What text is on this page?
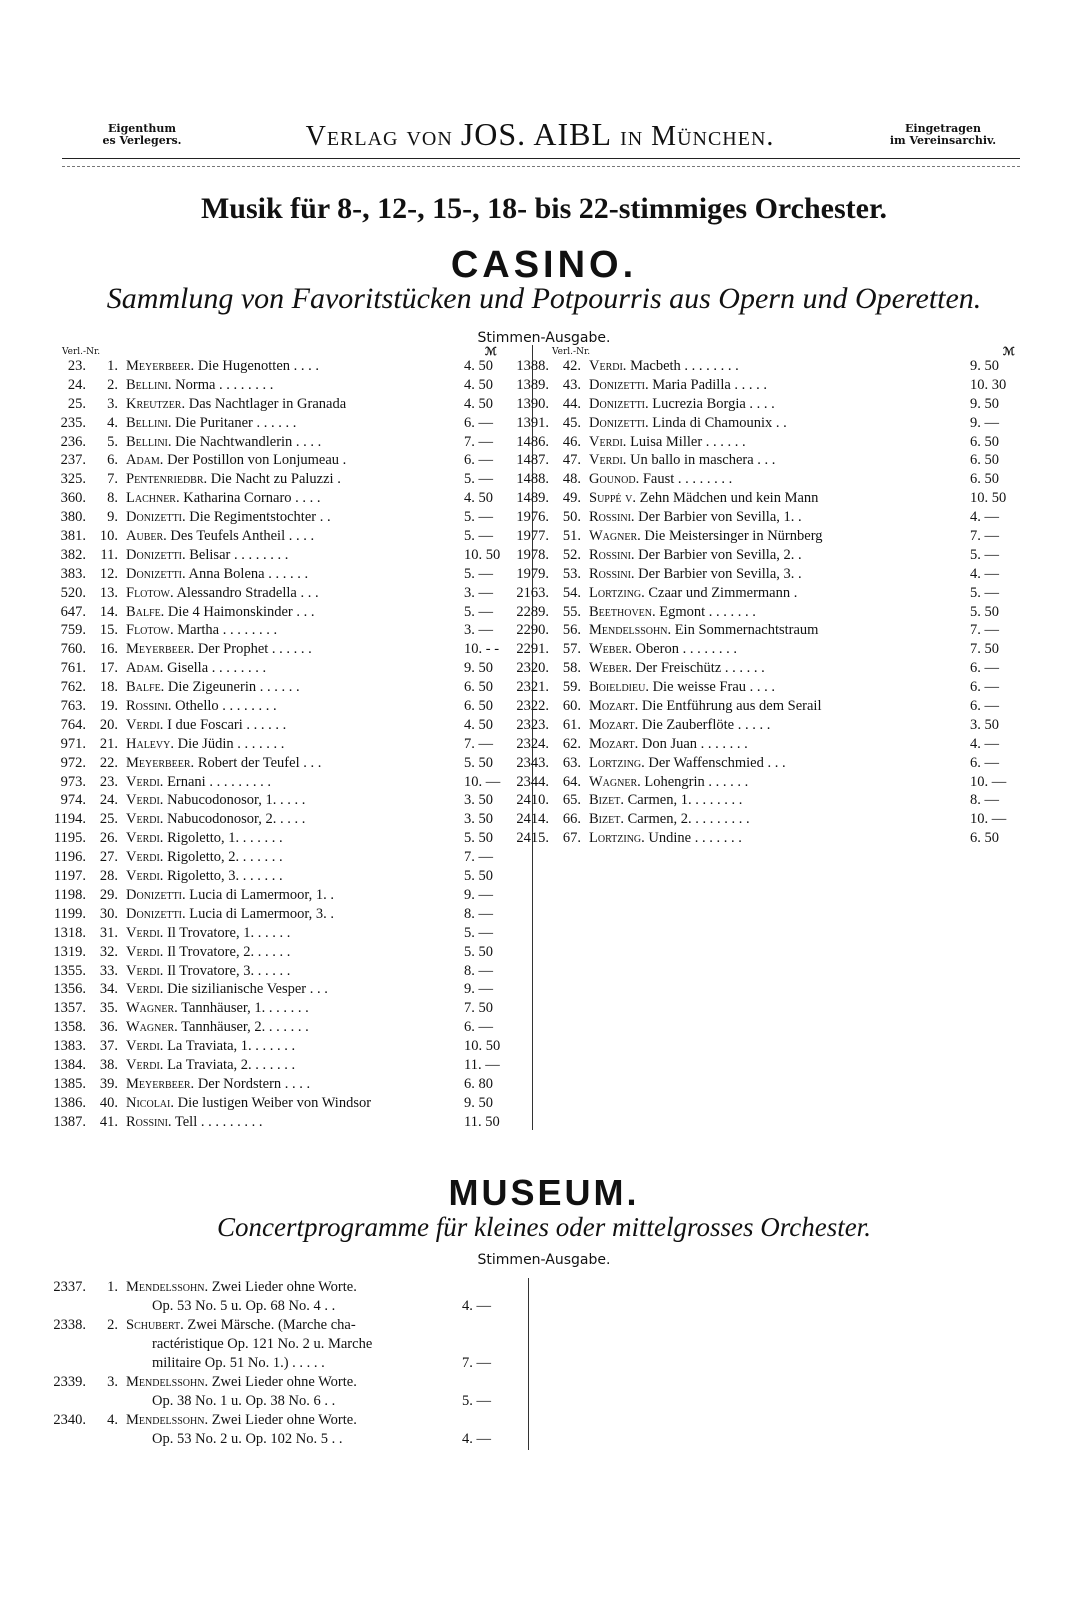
Eigenthum
es Verlegers.	Verlag von JOS. AIBL in München.	Eingetragen
im Vereinsarchiv.
Musik für 8-, 12-, 15-, 18- bis 22-stimmiges Orchester.
CASINO.
Sammlung von Favoritstücken und Potpourris aus Opern und Operetten.
Stimmen-Ausgabe.
Verl.-Nr.	ℳ	Verl.-Nr.	ℳ
23.	1. Meyerbeer. Die Hugenotten . . . .	4. 50
24.	2. Bellini. Norma . . . . . . . .	4. 50
25.	3. Kreutzer. Das Nachtlager in Granada	4. 50
235.	4. Bellini. Die Puritaner . . . . . .	6. —
236.	5. Bellini. Die Nachtwandlerin . . . .	7. —
237.	6. Adam. Der Postillon von Lonjumeau .	6. —
325.	7. Pentenriedbr. Die Nacht zu Paluzzi .	5. —
360.	8. Lachner. Katharina Cornaro . . . .	4. 50
380.	9. Donizetti. Die Regimentstochter . .	5. —
381. 10. Auber. Des Teufels Antheil . . . .	5. —
382. 11. Donizetti. Belisar . . . . . . . .	10. 50
383. 12. Donizetti. Anna Bolena . . . . . .	5. —
520. 13. Flotow. Alessandro Stradella . . .	3. —
647. 14. Balfe. Die 4 Haimonskinder . . .	5. —
759. 15. Flotow. Martha . . . . . . . .	3. —
760. 16. Meyerbeer. Der Prophet . . . . . .	10. - -
761. 17. Adam. Gisella . . . . . . . .	9. 50
762. 18. Balfe. Die Zigeunerin . . . . . .	6. 50
763. 19. Rossini. Othello . . . . . . . .	6. 50
764. 20. Verdi. I due Foscari . . . . . .	4. 50
971. 21. Halevy. Die Jüdin . . . . . . .	7. —
972. 22. Meyerbeer. Robert der Teufel . . .	5. 50
973. 23. Verdi. Ernani . . . . . . . . .	10. —
974. 24. Verdi. Nabucodonosor, 1. . . . .	3. 50
1194. 25. Verdi. Nabucodonosor, 2. . . . .	3. 50
1195. 26. Verdi. Rigoletto, 1. . . . . . .	5. 50
1196. 27. Verdi. Rigoletto, 2. . . . . . .	7. —
1197. 28. Verdi. Rigoletto, 3. . . . . . .	5. 50
1198. 29. Donizetti. Lucia di Lamermoor, 1. .	9. —
1199. 30. Donizetti. Lucia di Lamermoor, 3. .	8. —
1318. 31. Verdi. Il Trovatore, 1. . . . . .	5. —
1319. 32. Verdi. Il Trovatore, 2. . . . . .	5. 50
1355. 33. Verdi. Il Trovatore, 3. . . . . .	8. —
1356. 34. Verdi. Die sizilianische Vesper . . .	9. —
1357. 35. Wagner. Tannhäuser, 1. . . . . . .	7. 50
1358. 36. Wagner. Tannhäuser, 2. . . . . . .	6. —
1383. 37. Verdi. La Traviata, 1. . . . . . .	10. 50
1384. 38. Verdi. La Traviata, 2. . . . . . .	11. —
1385. 39. Meyerbeer. Der Nordstern . . . .	6. 80
1386. 40. Nicolai. Die lustigen Weiber von Windsor	9. 50
1387. 41. Rossini. Tell . . . . . . . . .	11. 50
1388. 42. Verdi. Macbeth . . . . . . . .	9. 50
1389. 43. Donizetti. Maria Padilla . . . . .	10. 30
1390. 44. Donizetti. Lucrezia Borgia . . . .	9. 50
1391. 45. Donizetti. Linda di Chamounix . .	9. —
1486. 46. Verdi. Luisa Miller . . . . . .	6. 50
1487. 47. Verdi. Un ballo in maschera . . .	6. 50
1488. 48. Gounod. Faust . . . . . . . .	6. 50
1489. 49. Suppé v. Zehn Mädchen und kein Mann	10. 50
1976. 50. Rossini. Der Barbier von Sevilla, 1. .	4. —
1977. 51. Wagner. Die Meistersinger in Nürnberg	7. —
1978. 52. Rossini. Der Barbier von Sevilla, 2. .	5. —
1979. 53. Rossini. Der Barbier von Sevilla, 3. .	4. —
2163. 54. Lortzing. Czaar und Zimmermann .	5. —
2289. 55. Beethoven. Egmont . . . . . . .	5. 50
2290. 56. Mendelssohn. Ein Sommernachtstraum	7. —
2291. 57. Weber. Oberon . . . . . . . .	7. 50
2320. 58. Weber. Der Freischütz . . . . . .	6. —
2321. 59. Boieldieu. Die weisse Frau . . . .	6. —
2322. 60. Mozart. Die Entführung aus dem Serail	6. —
2323. 61. Mozart. Die Zauberflöte . . . . .	3. 50
2324. 62. Mozart. Don Juan . . . . . . .	4. —
2343. 63. Lortzing. Der Waffenschmied . . .	6. —
2344. 64. Wagner. Lohengrin . . . . . .	10. —
2410. 65. Bizet. Carmen, 1. . . . . . . .	8. —
2414. 66. Bizet. Carmen, 2. . . . . . . . .	10. —
2415. 67. Lortzing. Undine . . . . . . .	6. 50
MUSEUM.
Concertprogramme für kleines oder mittelgrosses Orchester.
Stimmen-Ausgabe.
2337.	1. Mendelssohn. Zwei Lieder ohne Worte.
Op. 53 No. 5 u. Op. 68 No. 4 . .	4. —
2338.	2. Schubert. Zwei Märsche. (Marche cha-
ractéristique Op. 121 No. 2 u. Marche
militaire Op. 51 No. 1.) . . . . .	7. —
2339.	3. Mendelssohn. Zwei Lieder ohne Worte.
Op. 38 No. 1 u. Op. 38 No. 6 . .	5. —
2340.	4. Mendelssohn. Zwei Lieder ohne Worte.
Op. 53 No. 2 u. Op. 102 No. 5 . .	4. —
